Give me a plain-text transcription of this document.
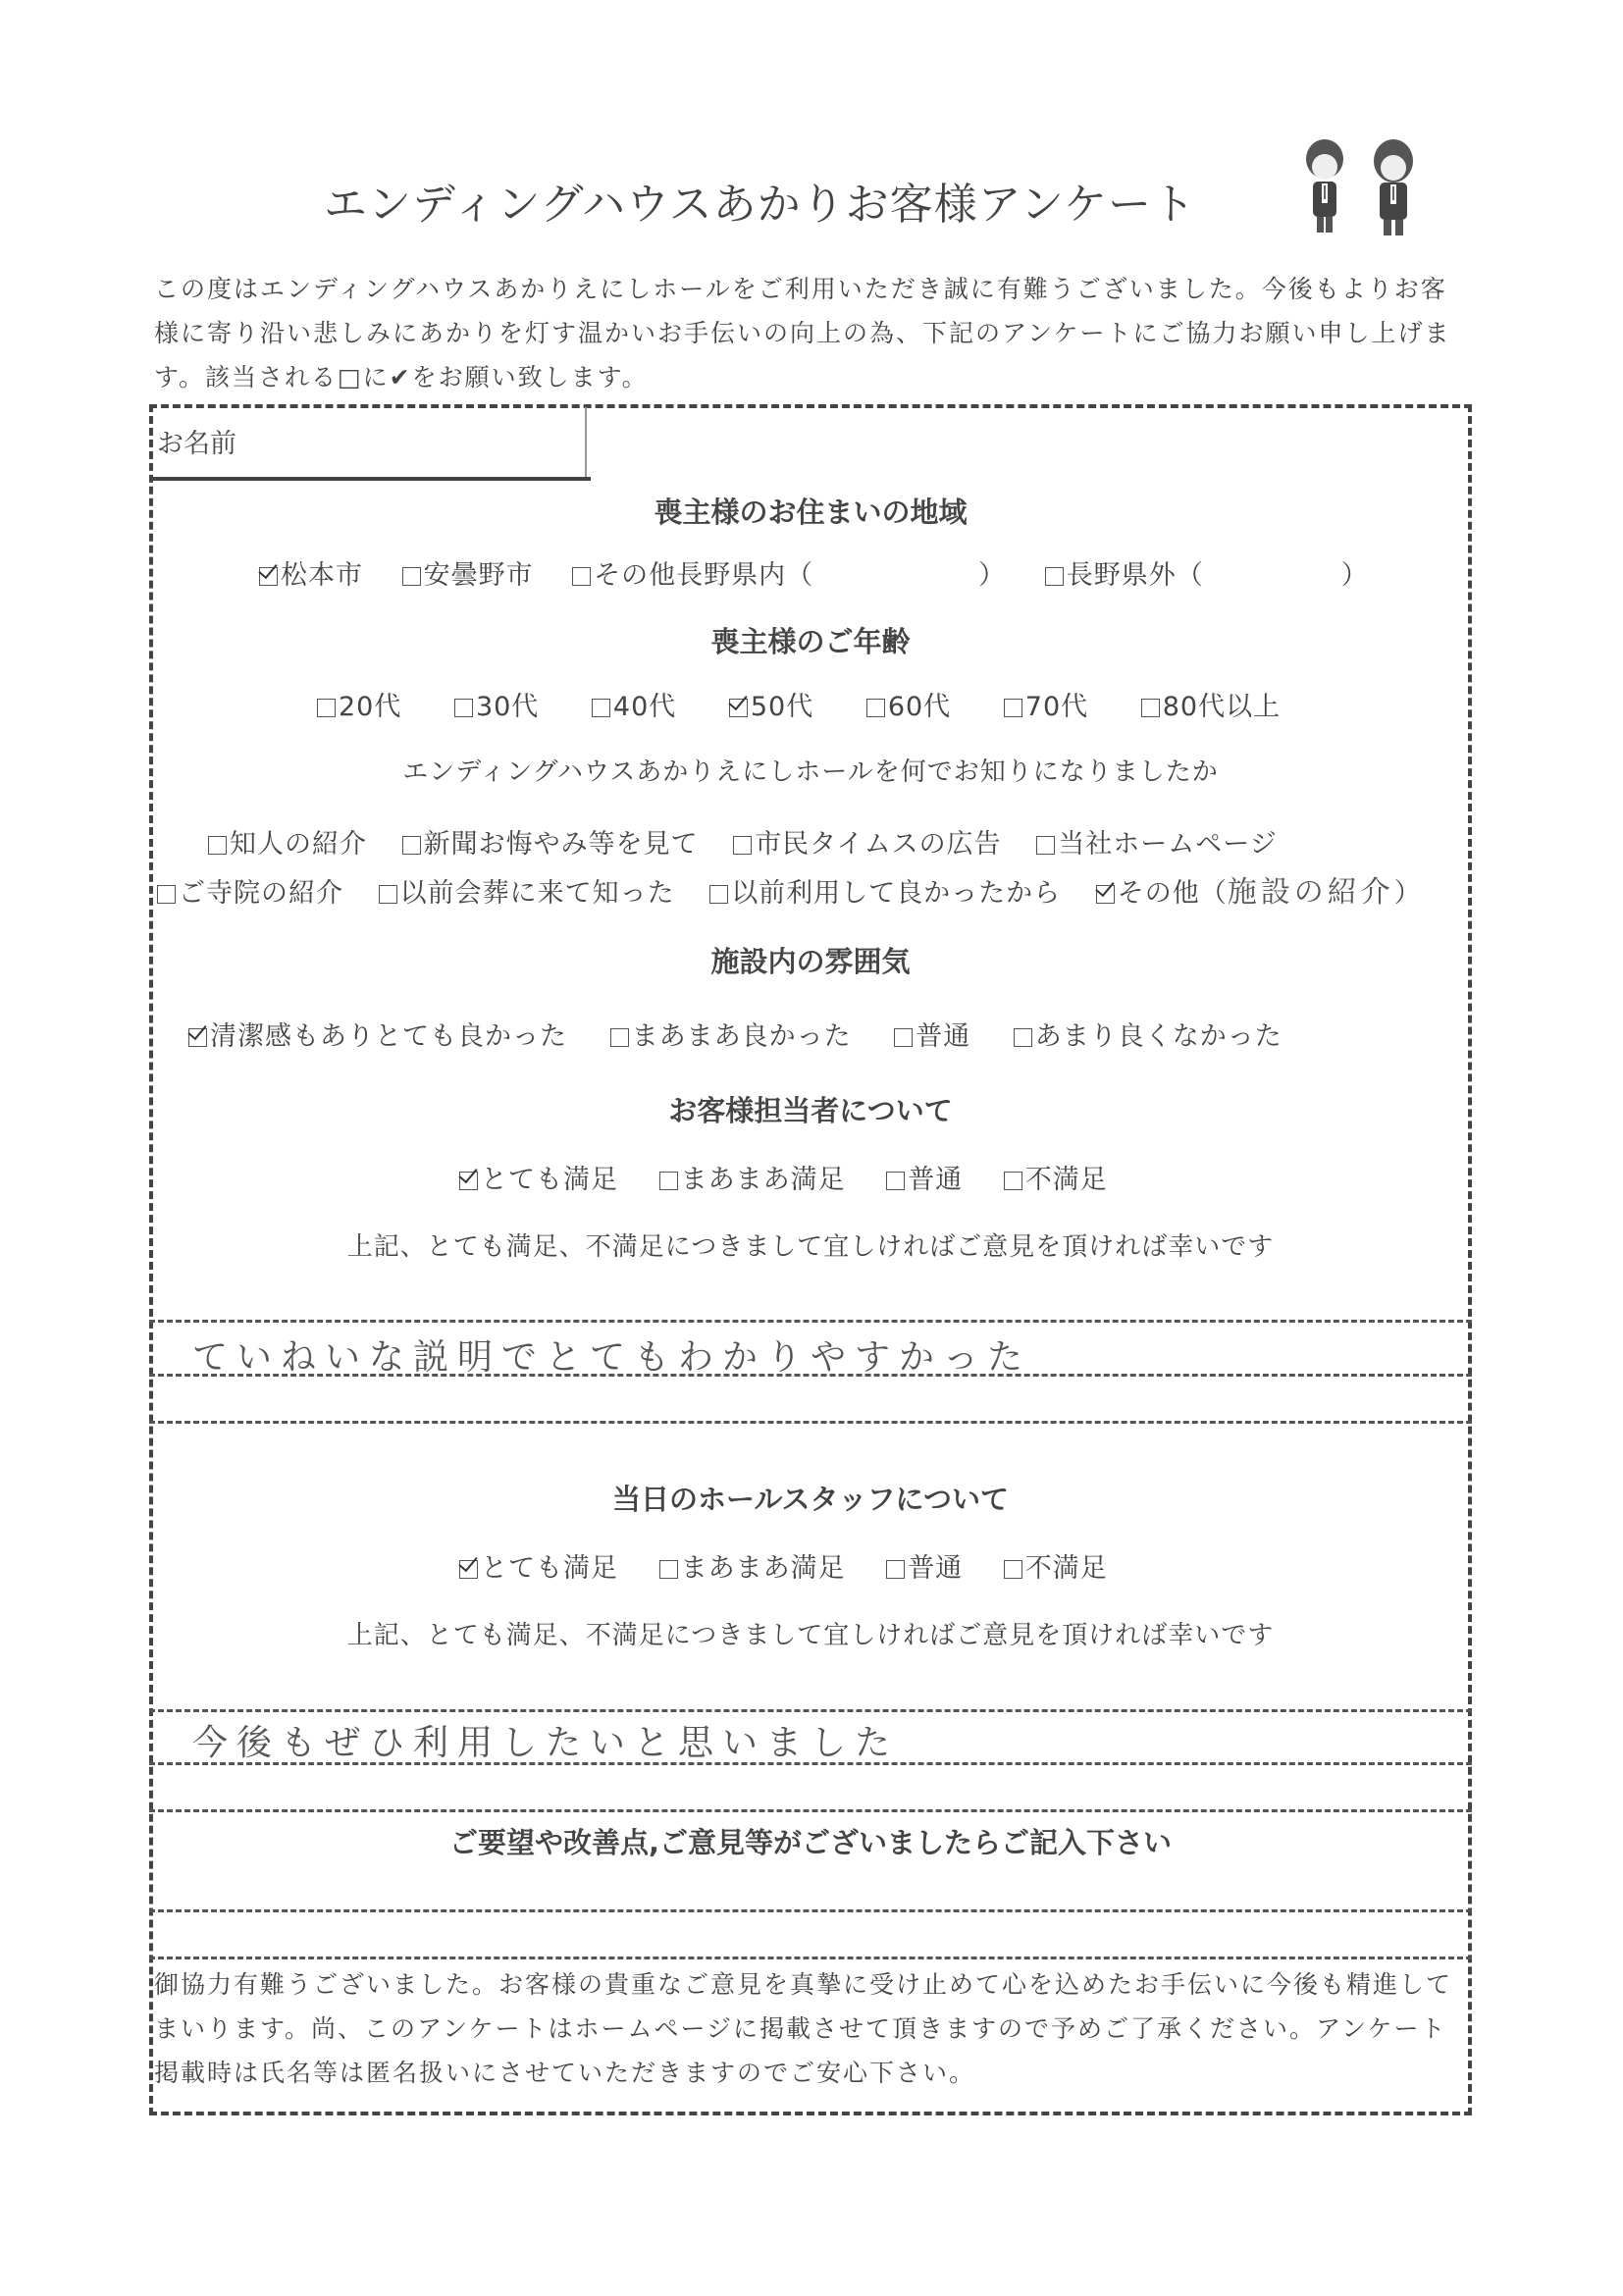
エンディングハウスあかりお客様アンケート
この度はエンディングハウスあかりえにしホールをご利用いただき誠に有難うございました。今後もよりお客様に寄り沿い悲しみにあかりを灯す温かいお手伝いの向上の為、下記のアンケートにご協力お願い申し上げます。該当される□に✔をお願い致します。
お名前
喪主様のお住まいの地域
松本市 安曇野市 その他長野県内（　　　　　　） 長野県外（　　　　　）
喪主様のご年齢
20代	30代	40代	50代	60代	70代	80代以上
エンディングハウスあかりえにしホールを何でお知りになりましたか
知人の紹介 新聞お悔やみ等を見て 市民タイムスの広告 当社ホームページ
ご寺院の紹介 以前会葬に来て知った 以前利用して良かったから その他（施設の紹介）
施設内の雰囲気
清潔感もありとても良かった まあまあ良かった 普通 あまり良くなかった
お客様担当者について
とても満足 まあまあ満足 普通 不満足
上記、とても満足、不満足につきまして宜しければご意見を頂ければ幸いです
ていねいな説明でとてもわかりやすかった
当日のホールスタッフについて
とても満足 まあまあ満足 普通 不満足
上記、とても満足、不満足につきまして宜しければご意見を頂ければ幸いです
今後もぜひ利用したいと思いました
ご要望や改善点,ご意見等がございましたらご記入下さい
御協力有難うございました。お客様の貴重なご意見を真摯に受け止めて心を込めたお手伝いに今後も精進してまいります。尚、このアンケートはホームページに掲載させて頂きますので予めご了承ください。アンケート掲載時は氏名等は匿名扱いにさせていただきますのでご安心下さい。
